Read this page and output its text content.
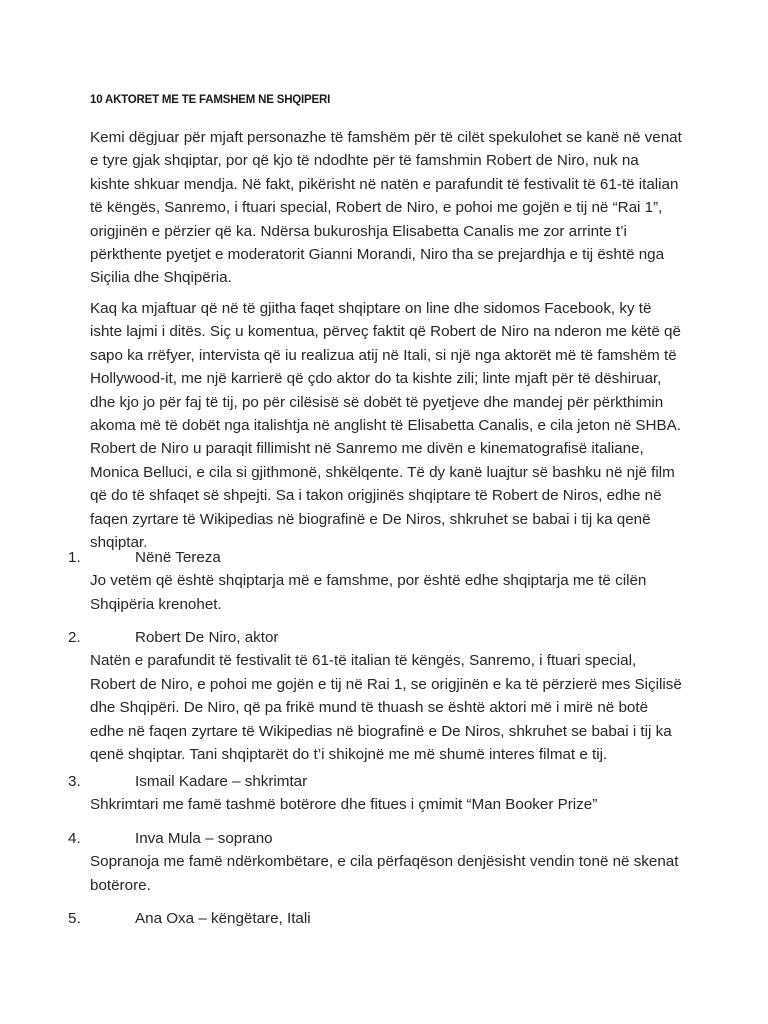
10 AKTORET ME TE FAMSHEM NE SHQIPERI

Kemi dëgjuar për mjaft personazhe të famshëm për të cilët spekulohet se kanë në venat
e tyre gjak shqiptar, por që kjo të ndodhte për të famshmin Robert de Niro, nuk na
kishte shkuar mendja. Në fakt, pikërisht në natën e parafundit të festivalit të 61-të italian
të këngës, Sanremo, i ftuari special, Robert de Niro, e pohoi me gojën e tij në “Rai 1”,
origjinën e përzier që ka. Ndërsa bukuroshja Elisabetta Canalis me zor arrinte t’i
përkthente pyetjet e moderatorit Gianni Morandi, Niro tha se prejardhja e tij është nga
Siçilia dhe Shqipëria.

Kaq ka mjaftuar që në të gjitha faqet shqiptare on line dhe sidomos Facebook, ky të
ishte lajmi i ditës. Siç u komentua, përveç faktit që Robert de Niro na nderon me këtë që
sapo ka rrëfyer, intervista që iu realizua atij në Itali, si një nga aktorët më të famshëm të
Hollywood-it, me një karrierë që çdo aktor do ta kishte zili; linte mjaft për të dëshiruar,
dhe kjo jo për faj të tij, po për cilësisë së dobët të pyetjeve dhe mandej për përkthimin
akoma më të dobët nga italishtja në anglisht të Elisabetta Canalis, e cila jeton në SHBA.
Robert de Niro u paraqit fillimisht në Sanremo me divën e kinematografisë italiane,
Monica Belluci, e cila si gjithmonë, shkëlqente. Të dy kanë luajtur së bashku në një film
që do të shfaqet së shpejti. Sa i takon origjinës shqiptare të Robert de Niros, edhe në
faqen zyrtare të Wikipedias në biografinë e De Niros, shkruhet se babai i tij ka qenë
shqiptar.

1.	Nënë Tereza
Jo vetëm që është shqiptarja më e famshme, por është edhe shqiptarja me të cilën
Shqipëria krenohet.
2.	Robert De Niro, aktor
Natën e parafundit të festivalit të 61-të italian të këngës, Sanremo, i ftuari special,
Robert de Niro, e pohoi me gojën e tij në Rai 1, se origjinën e ka të përzierë mes Siçilisë
dhe Shqipëri. De Niro, që pa frikë mund të thuash se është aktori më i mirë në botë
edhe në faqen zyrtare të Wikipedias në biografinë e De Niros, shkruhet se babai i tij ka
qenë shqiptar. Tani shqiptarët do t’i shikojnë me më shumë interes filmat e tij.
3.	Ismail Kadare – shkrimtar
Shkrimtari me famë tashmë botërore dhe fitues i çmimit “Man Booker Prize”
4.	Inva Mula – soprano
Sopranoja me famë ndërkombëtare, e cila përfaqëson denjësisht vendin tonë në skenat
botërore.
5.	Ana Oxa – këngëtare, Itali
